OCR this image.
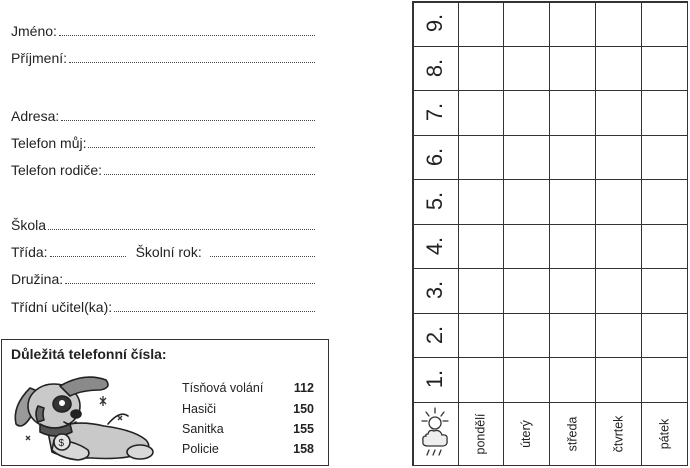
Jméno:
Příjmení:
Adresa:
Telefon můj:
Telefon rodiče:
Škola
Třída:	Školní rok:
Družina:
Třídní učitel(ka):
Důležitá telefonní čísla:
$
Tísňová volání 112
Hasiči	150
Sanitka	155
Policie	158
9.
8.
7.
6.
5.
4.
3.
2.
1.
pondělí	úterý	středa	čtvrtek	pátek
